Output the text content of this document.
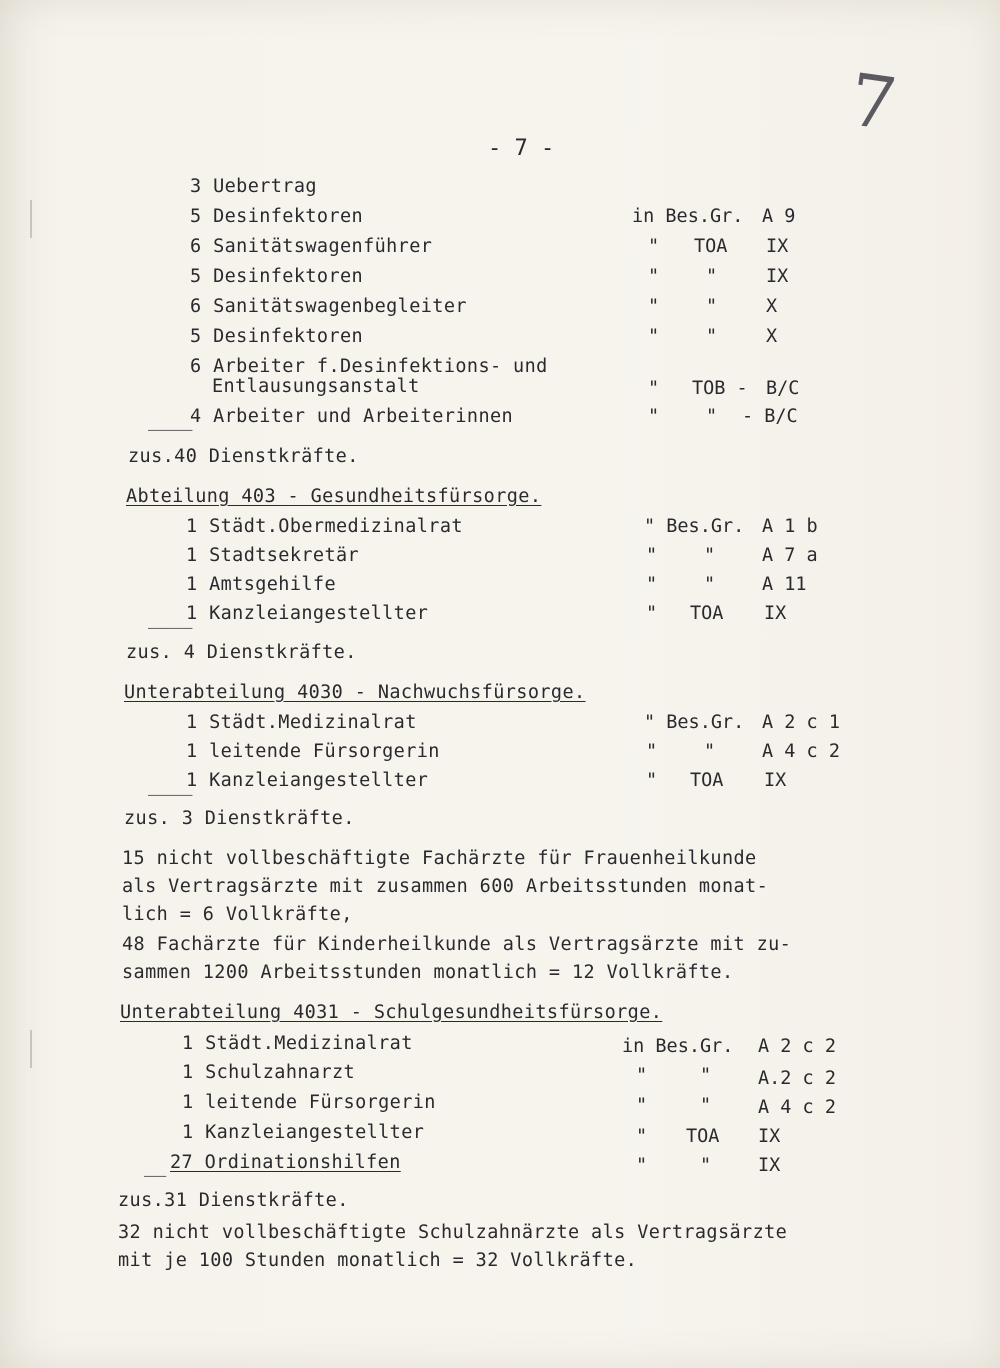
7
- 7 -
3 Uebertrag
5 Desinfektoren	in Bes.Gr. A 9
6 Sanitätswagenführer	" TOA IX
5 Desinfektoren	"	"	IX
6 Sanitätswagenbegleiter	"	"	X
5 Desinfektoren	"	"	X
6 Arbeiter f.Desinfektions- und
Entlausungsanstalt	" TOB - B/C
____
4 Arbeiter und Arbeiterinnen	"	" - B/C
zus.40 Dienstkräfte.
Abteilung 403 - Gesundheitsfürsorge.
1 Städt.Obermedizinalrat	" Bes.Gr. A 1 b
1 Stadtsekretär	"	"	A 7 a
1 Amtsgehilfe	"	"	A 11
____
1 Kanzleiangestellter	" TOA IX
zus. 4 Dienstkräfte.
Unterabteilung 4030 - Nachwuchsfürsorge.
1 Städt.Medizinalrat	" Bes.Gr. A 2 c 1
1 leitende Fürsorgerin	"	"	A 4 c 2
____
1 Kanzleiangestellter	" TOA IX
zus. 3 Dienstkräfte.
15 nicht vollbeschäftigte Fachärzte für Frauenheilkunde
als Vertragsärzte mit zusammen 600 Arbeitsstunden monat-
lich = 6 Vollkräfte,
48 Fachärzte für Kinderheilkunde als Vertragsärzte mit zu-
sammen 1200 Arbeitsstunden monatlich = 12 Vollkräfte.
Unterabteilung 4031 - Schulgesundheitsfürsorge.
1 Städt.Medizinalrat	in Bes.Gr. A 2 c 2
1 Schulzahnarzt	"	"	A.2 c 2
1 leitende Fürsorgerin	"	"	A 4 c 2
1 Kanzleiangestellter	" TOA IX
__ 27 Ordinationshilfen	"	"	IX
zus.31 Dienstkräfte.
32 nicht vollbeschäftigte Schulzahnärzte als Vertragsärzte
mit je 100 Stunden monatlich = 32 Vollkräfte.
